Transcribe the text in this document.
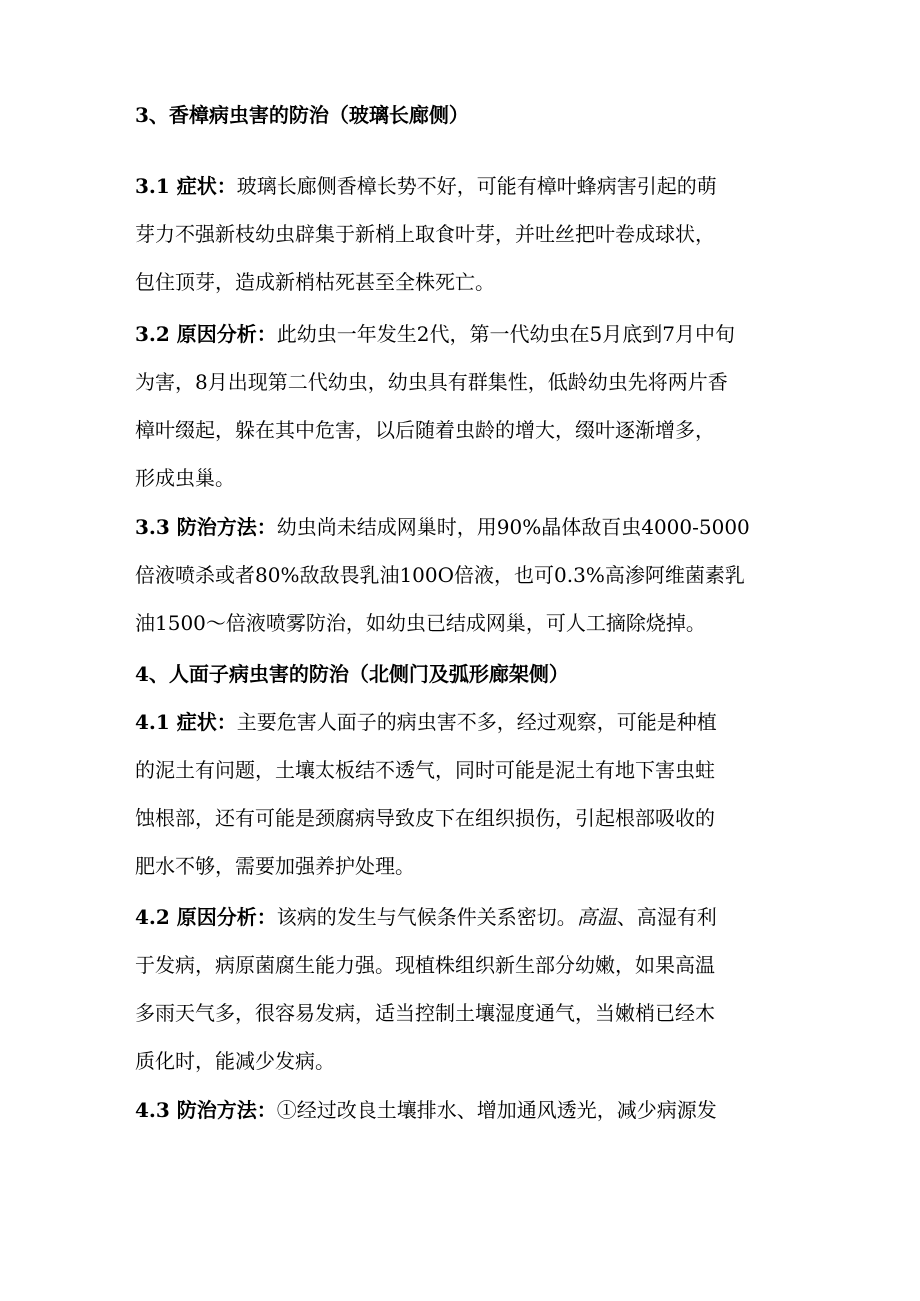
3、香樟病虫害的防治（玻璃长廊侧）
3.1 症状：玻璃长廊侧香樟长势不好，可能有樟叶蜂病害引起的萌
芽力不强新枝幼虫辟集于新梢上取食叶芽，并吐丝把叶卷成球状，
包住顶芽，造成新梢枯死甚至全株死亡。
3.2 原因分析：此幼虫一年发生2代，第一代幼虫在5月底到7月中旬
为害，8月出现第二代幼虫，幼虫具有群集性，低龄幼虫先将两片香
樟叶缀起，躲在其中危害，以后随着虫龄的增大，缀叶逐渐增多，
形成虫巢。
3.3 防治方法：幼虫尚未结成网巢时，用90%晶体敌百虫4000-5000
倍液喷杀或者80%敌敌畏乳油100O倍液，也可0.3%高渗阿维菌素乳
油1500～倍液喷雾防治，如幼虫已结成网巢，可人工摘除烧掉。
4、人面子病虫害的防治（北侧门及弧形廊架侧）
4.1 症状：主要危害人面子的病虫害不多，经过观察，可能是种植
的泥土有问题，土壤太板结不透气，同时可能是泥土有地下害虫蛀
蚀根部，还有可能是颈腐病导致皮下在组织损伤，引起根部吸收的
肥水不够，需要加强养护处理。
4.2 原因分析：该病的发生与气候条件关系密切。高温、高湿有利
于发病，病原菌腐生能力强。现植株组织新生部分幼嫩，如果高温
多雨天气多，很容易发病，适当控制土壤湿度通气，当嫩梢已经木
质化时，能减少发病。
4.3 防治方法：①经过改良土壤排水、增加通风透光，减少病源发
